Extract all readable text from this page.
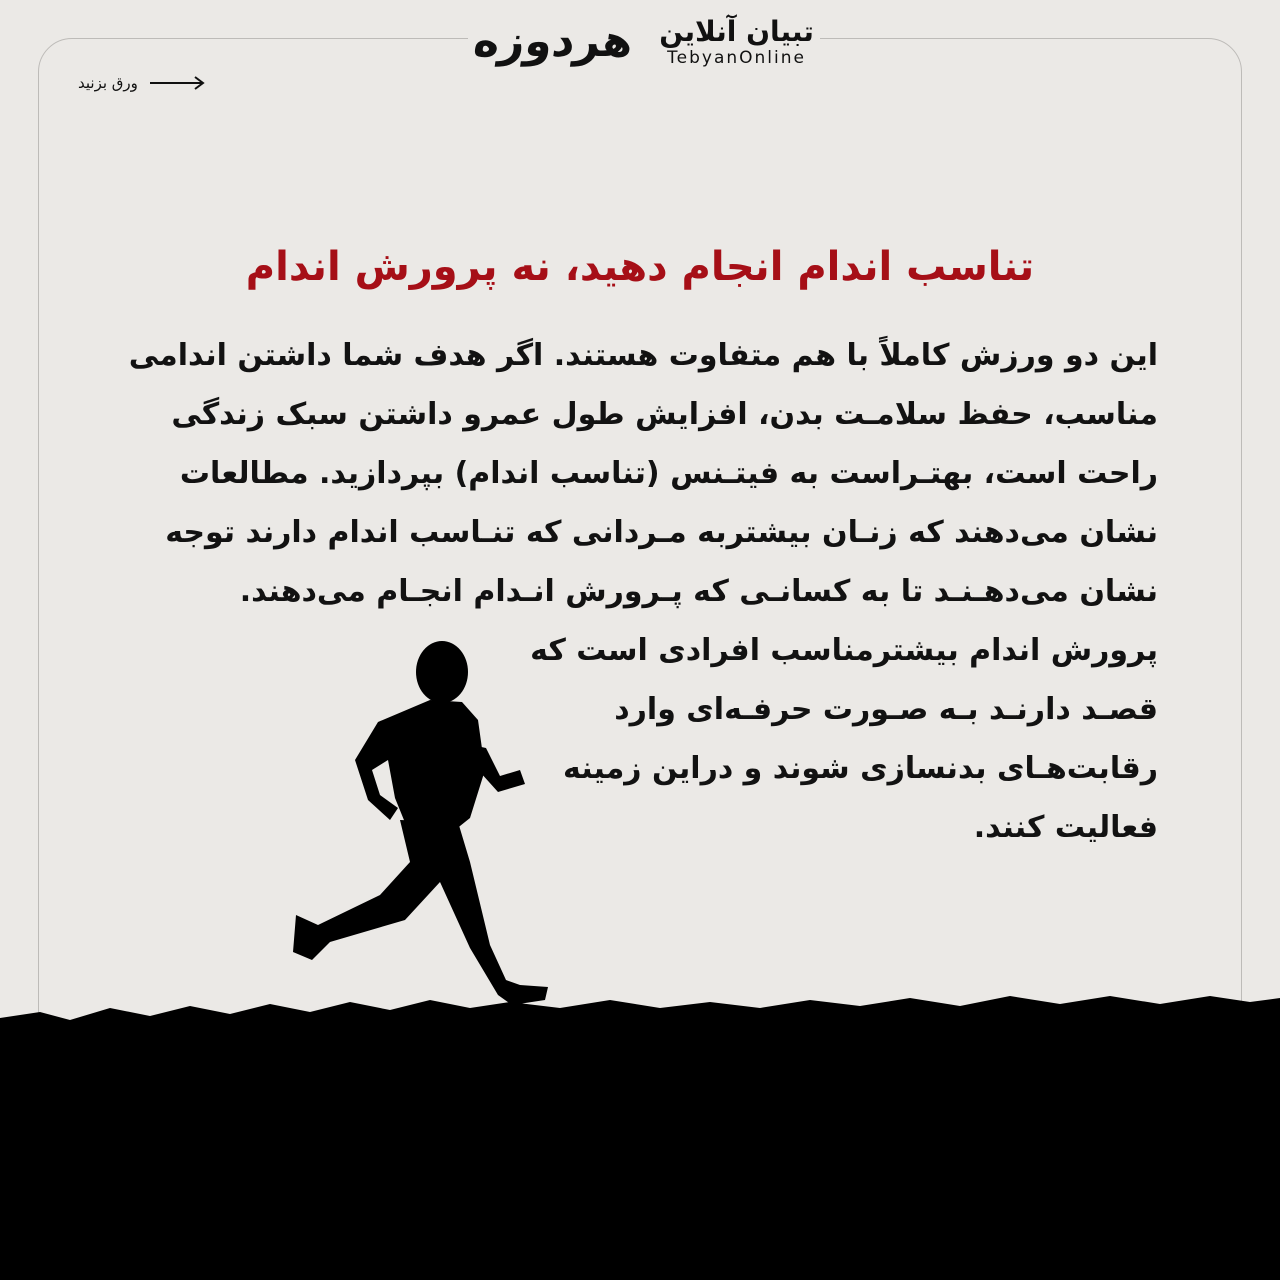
هردوزه تبیان آنلاین
TebyanOnline
ورق بزنید
تناسب اندام انجام دهید، نه پرورش اندام
این دو ورزش کاملاً با هم متفاوت هستند. اگر هدف شما داشتن اندامی
مناسب، حفظ سلامـت بدن، افزایش طول عمرو داشتن سبک زندگی
راحت است، بهتـراست به فیتـنس (تناسب اندام) بپردازید. مطالعات
نشان می‌دهند که زنـان بیشتربه مـردانی که تنـاسب اندام دارند توجه
نشان می‌دهـنـد تا به کسانـی که پـرورش انـدام انجـام می‌دهند.
پرورش اندام بیشترمناسب افرادی است که
قصـد دارنـد بـه صـورت حرفـه‌ای وارد
رقابت‌هـای بدنسازی شوند و دراین زمینه
فعالیت کنند.
